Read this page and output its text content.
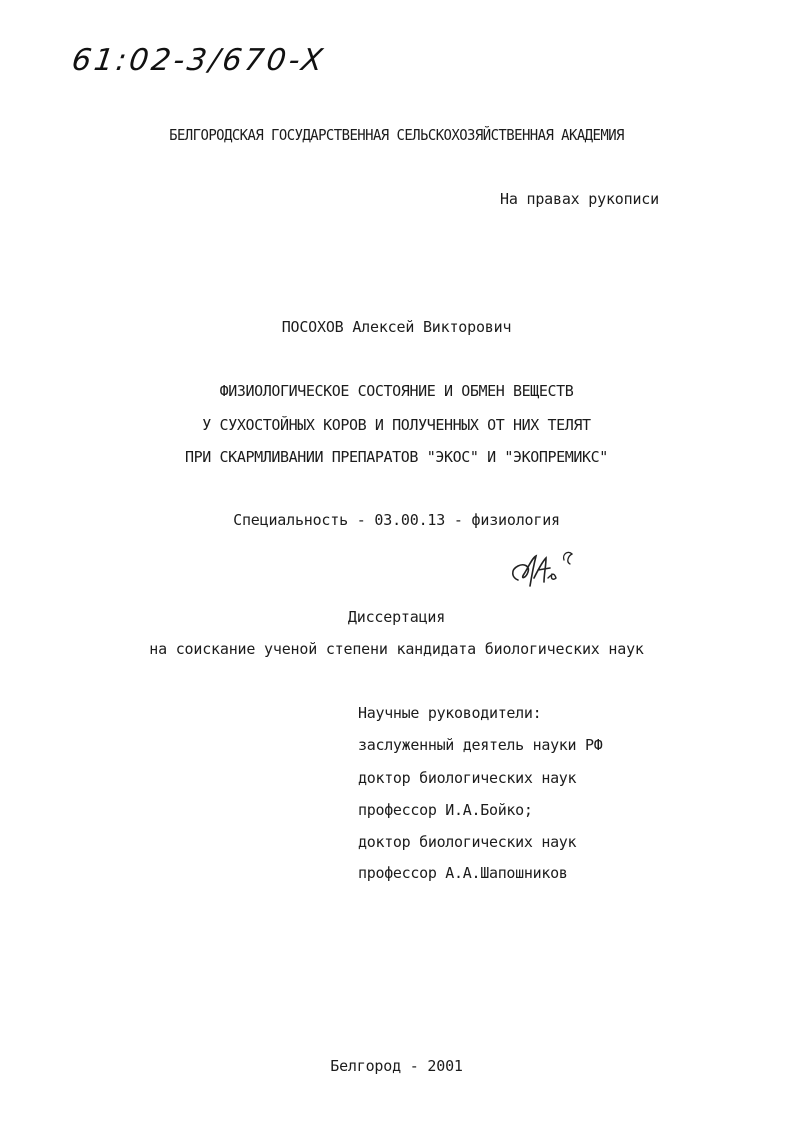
61:02-3/670-X
БЕЛГОРОДСКАЯ ГОСУДАРСТВЕННАЯ СЕЛЬСКОХОЗЯЙСТВЕННАЯ АКАДЕМИЯ
На правах рукописи
ПОСОХОВ Алексей Викторович
ФИЗИОЛОГИЧЕСКОЕ СОСТОЯНИЕ И ОБМЕН ВЕЩЕСТВ
У СУХОСТОЙНЫХ КОРОВ И ПОЛУЧЕННЫХ ОТ НИХ ТЕЛЯТ
ПРИ СКАРМЛИВАНИИ ПРЕПАРАТОВ "ЭКОС" И "ЭКОПРЕМИКС"
Специальность - 03.00.13 - физиология
Диссертация
на соискание ученой степени кандидата биологических наук
Научные руководители:
заслуженный деятель науки РФ
доктор биологических наук
профессор И.А.Бойко;
доктор биологических наук
профессор А.А.Шапошников
Белгород - 2001
